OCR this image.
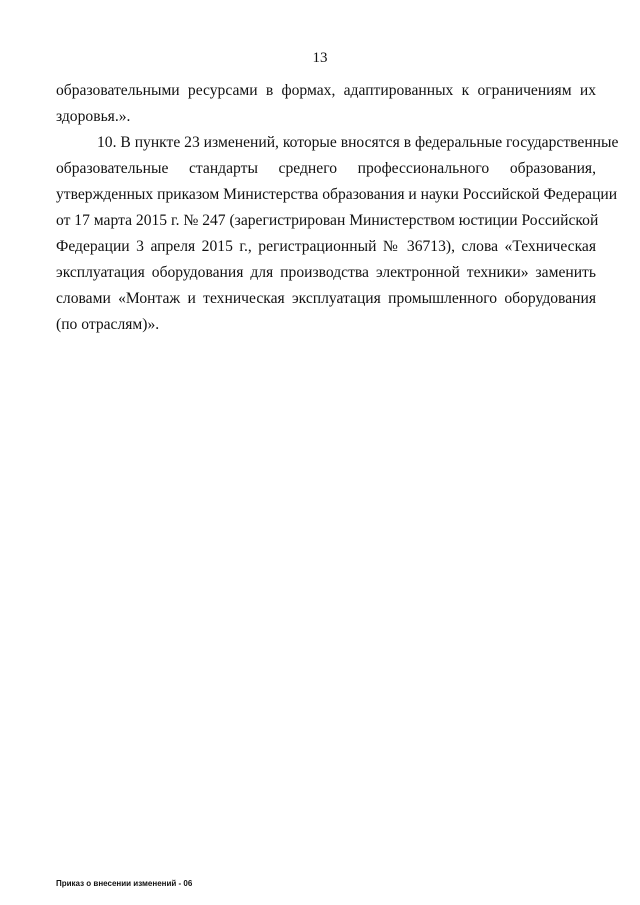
13
образовательными ресурсами в формах, адаптированных к ограничениям их
здоровья.».
10. В пункте 23 изменений, которые вносятся в федеральные государственные
образовательные стандарты среднего профессионального образования,
утвержденных приказом Министерства образования и науки Российской Федерации
от 17 марта 2015 г. № 247 (зарегистрирован Министерством юстиции Российской
Федерации 3 апреля 2015 г., регистрационный № 36713), слова «Техническая
эксплуатация оборудования для производства электронной техники» заменить
словами «Монтаж и техническая эксплуатация промышленного оборудования
(по отраслям)».
Приказ о внесении изменений - 06
